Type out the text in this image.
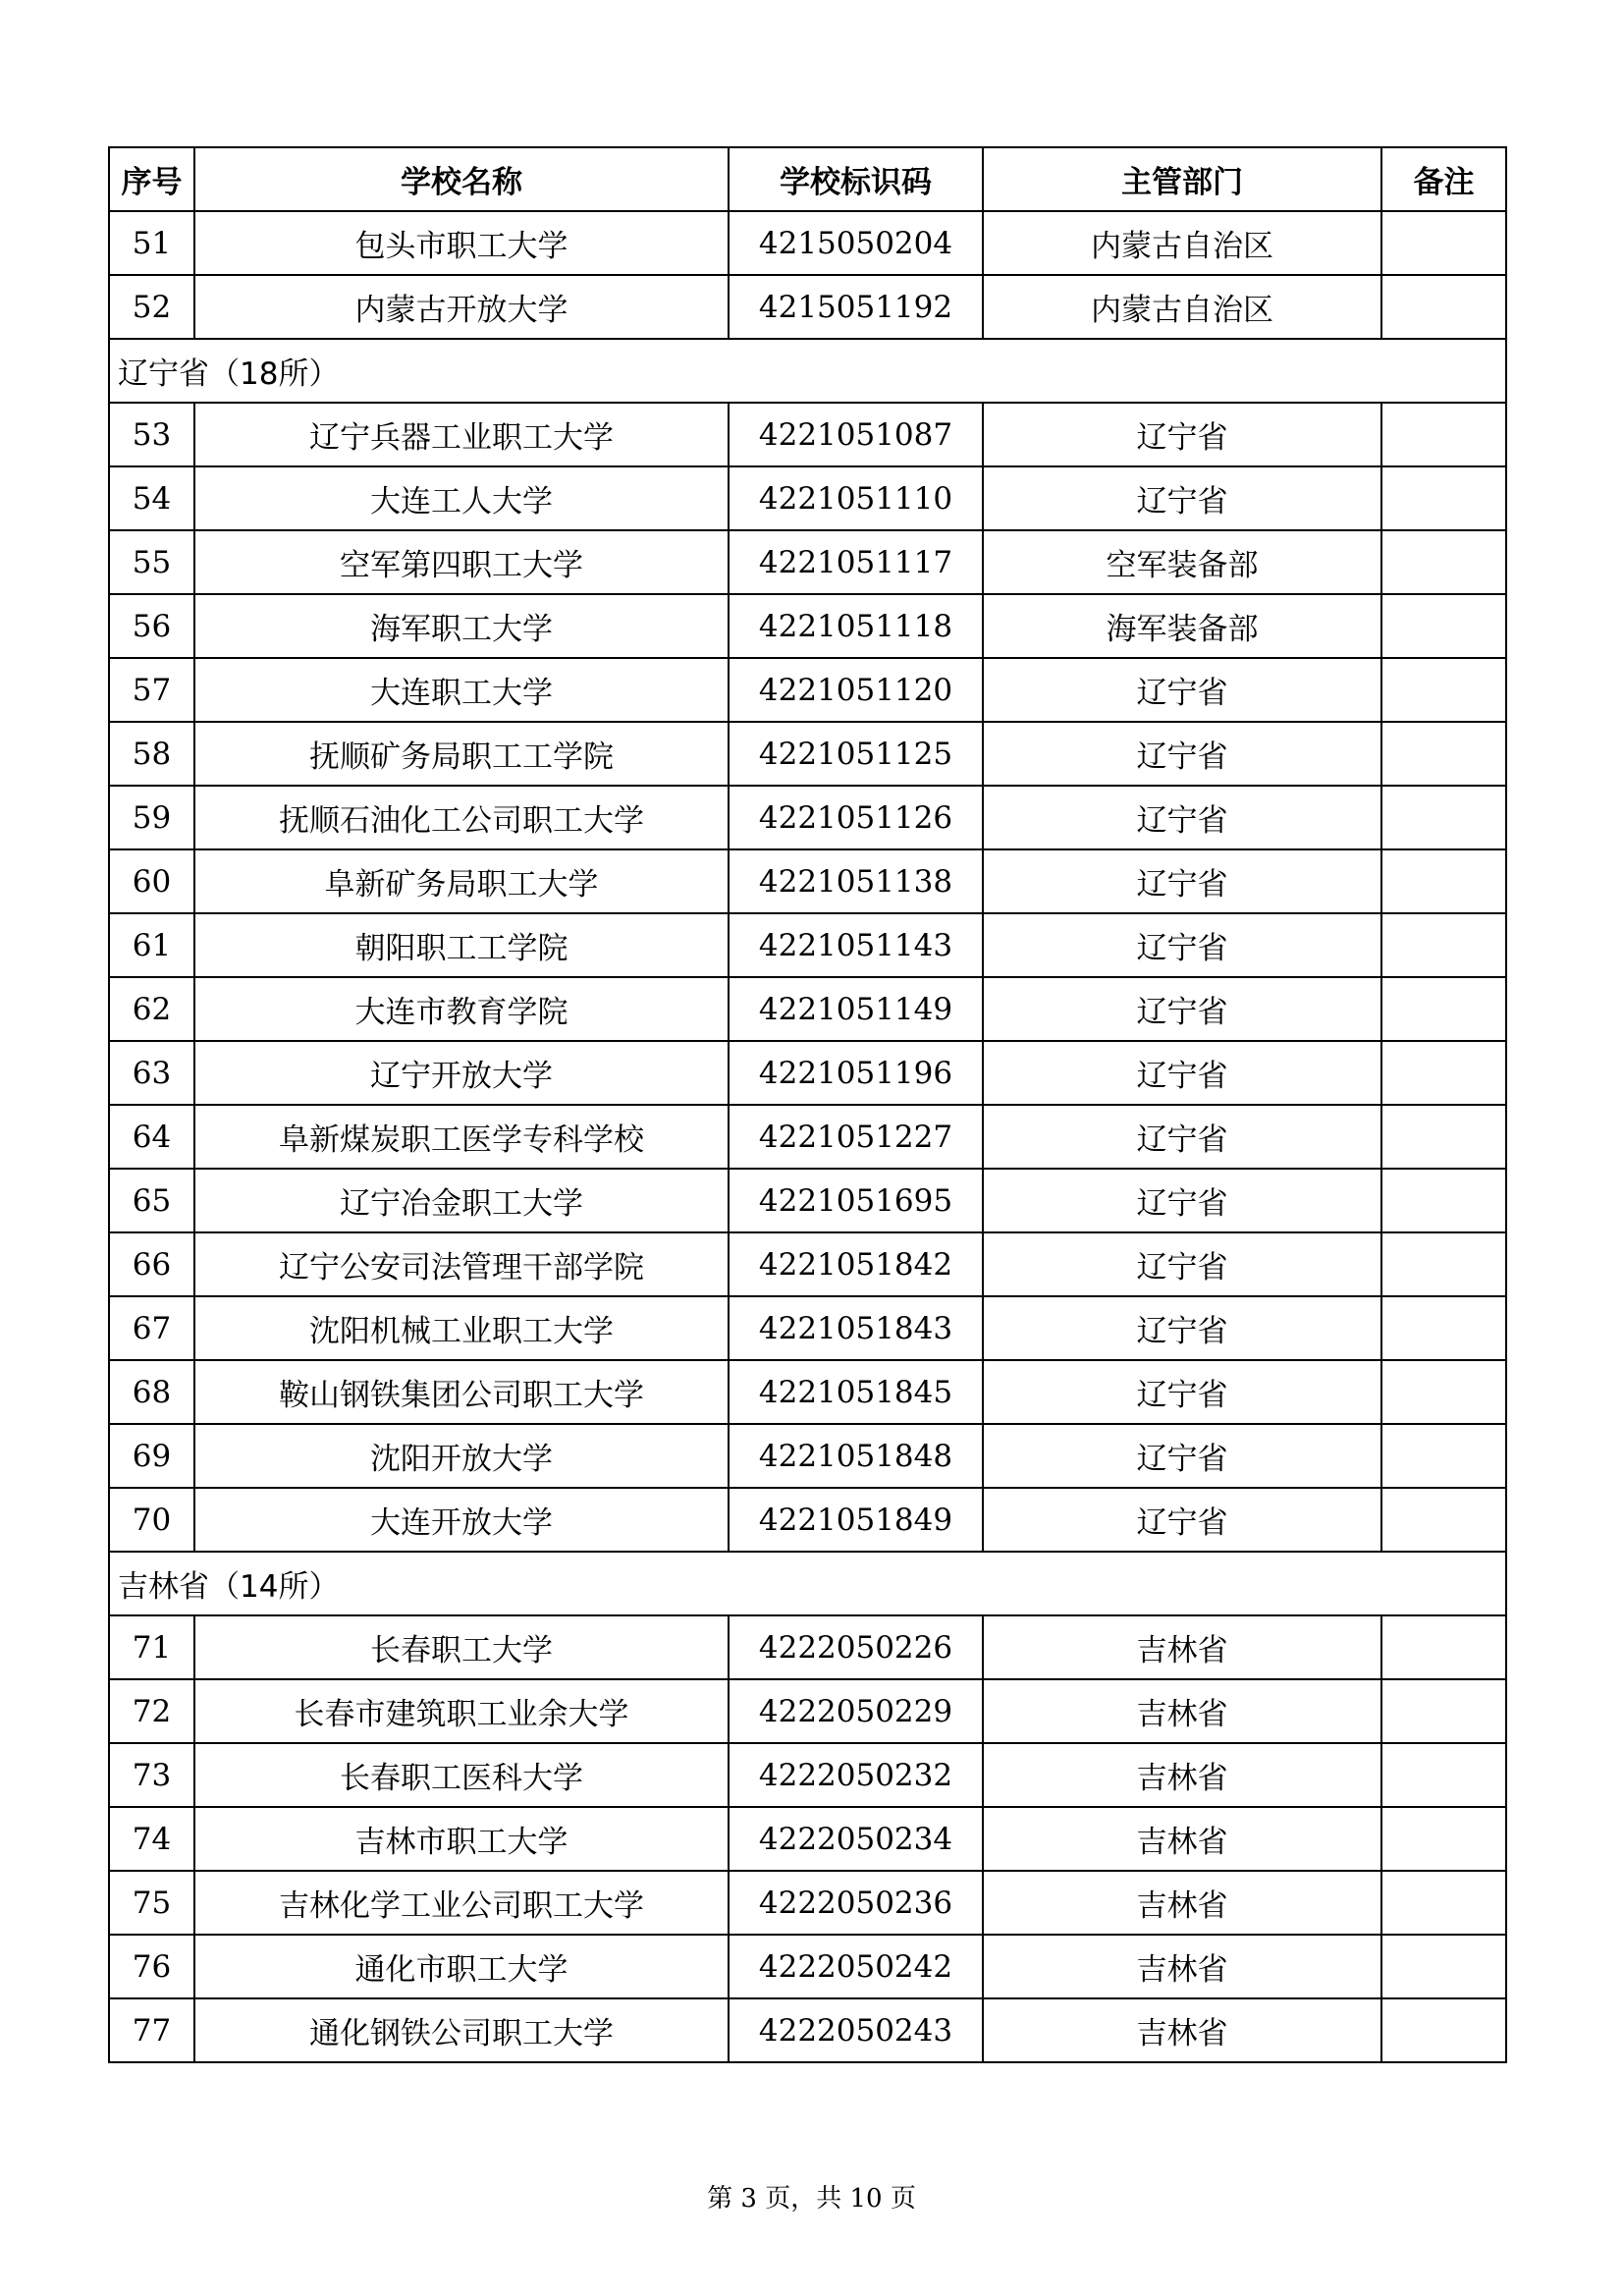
序号	学校名称	学校标识码	主管部门	备注
51	包头市职工大学	4215050204	内蒙古自治区	
52	内蒙古开放大学	4215051192	内蒙古自治区	
辽宁省（18所）				
53	辽宁兵器工业职工大学	4221051087	辽宁省	
54	大连工人大学	4221051110	辽宁省	
55	空军第四职工大学	4221051117	空军装备部	
56	海军职工大学	4221051118	海军装备部	
57	大连职工大学	4221051120	辽宁省	
58	抚顺矿务局职工工学院	4221051125	辽宁省	
59	抚顺石油化工公司职工大学	4221051126	辽宁省	
60	阜新矿务局职工大学	4221051138	辽宁省	
61	朝阳职工工学院	4221051143	辽宁省	
62	大连市教育学院	4221051149	辽宁省	
63	辽宁开放大学	4221051196	辽宁省	
64	阜新煤炭职工医学专科学校	4221051227	辽宁省	
65	辽宁冶金职工大学	4221051695	辽宁省	
66	辽宁公安司法管理干部学院	4221051842	辽宁省	
67	沈阳机械工业职工大学	4221051843	辽宁省	
68	鞍山钢铁集团公司职工大学	4221051845	辽宁省	
69	沈阳开放大学	4221051848	辽宁省	
70	大连开放大学	4221051849	辽宁省	
吉林省（14所）				
71	长春职工大学	4222050226	吉林省	
72	长春市建筑职工业余大学	4222050229	吉林省	
73	长春职工医科大学	4222050232	吉林省	
74	吉林市职工大学	4222050234	吉林省	
75	吉林化学工业公司职工大学	4222050236	吉林省	
76	通化市职工大学	4222050242	吉林省	
77	通化钢铁公司职工大学	4222050243	吉林省	
第 3 页，共 10 页
